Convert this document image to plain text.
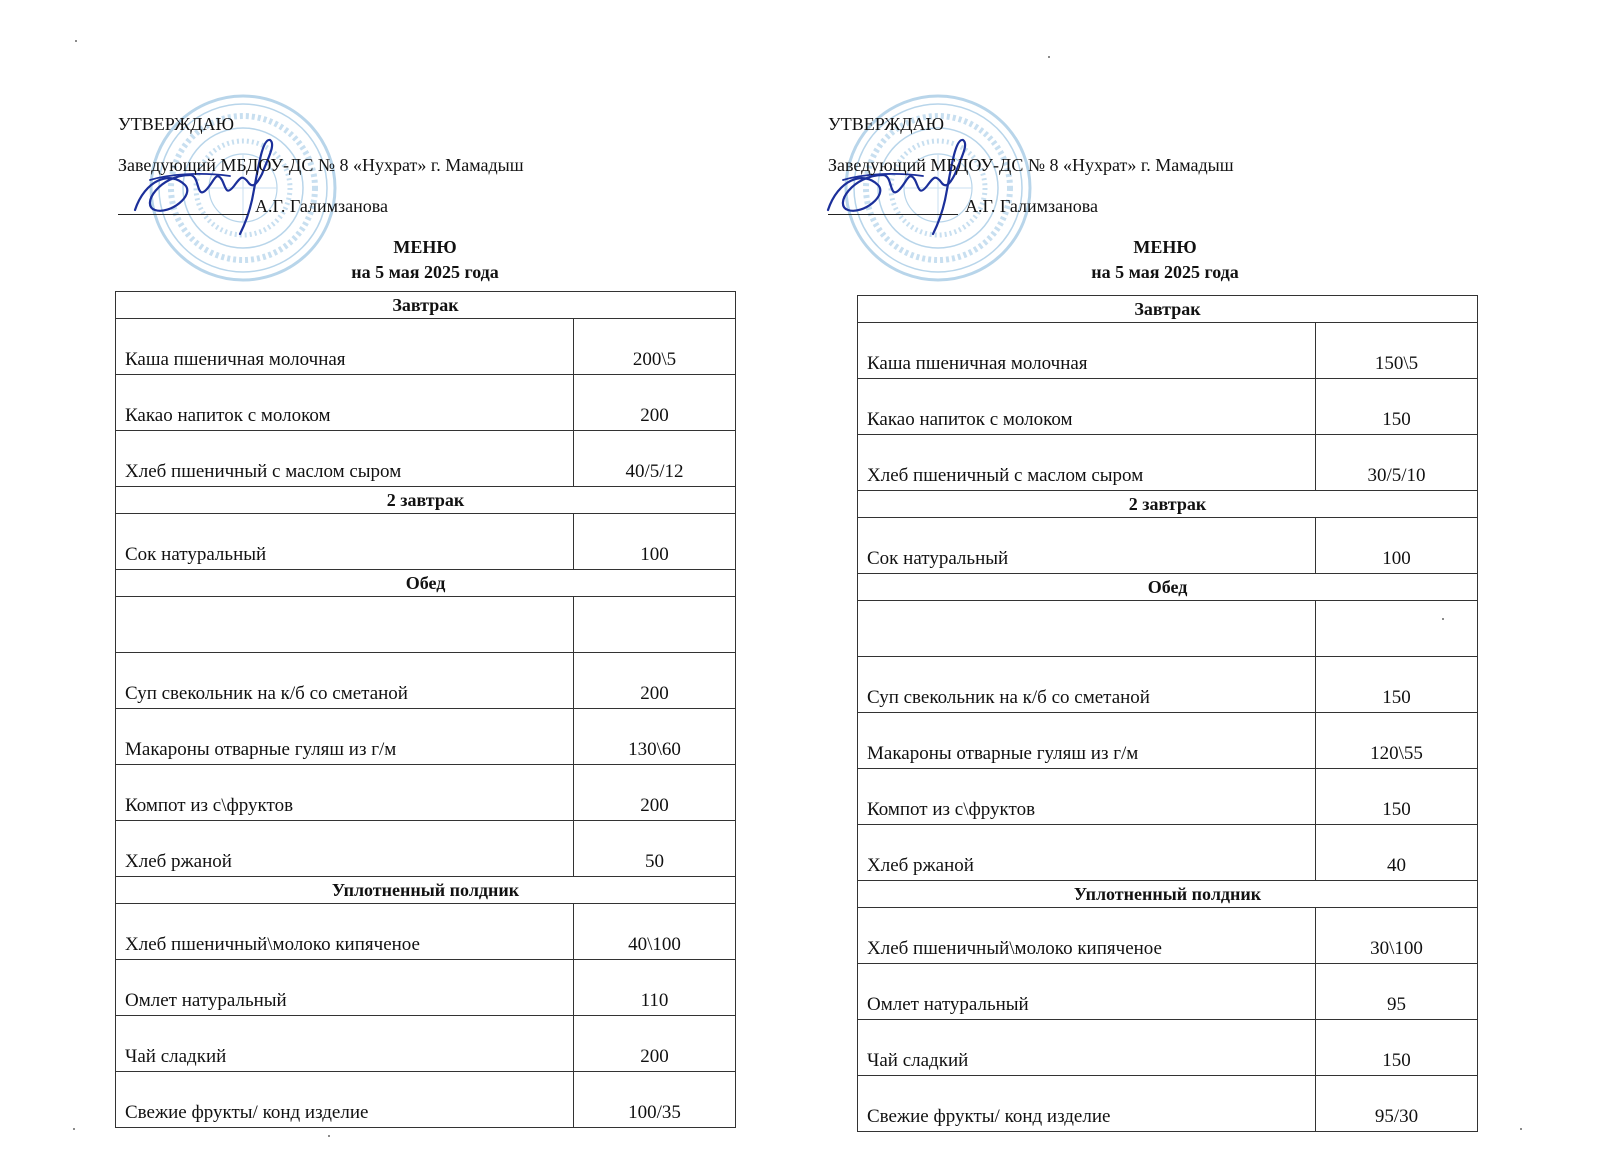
УТВЕРЖДАЮ
Заведующий МБДОУ-ДС № 8 «Нухрат» г. Мамадыш
А.Г. Галимзанова
МЕНЮ
на 5 мая 2025 года
Завтрак	
Каша пшеничная молочная	200\5
Какао напиток с молоком	200
Хлеб пшеничный с маслом сыром	40/5/12
2 завтрак	
Сок натуральный	100
Обед	

Суп свекольник на к/б со сметаной	200
Макароны отварные гуляш из г/м	130\60
Компот из с\фруктов	200
Хлеб ржаной	50
Уплотненный полдник	
Хлеб пшеничный\молоко кипяченое	40\100
Омлет натуральный	110
Чай сладкий	200
Свежие фрукты/ конд изделие	100/35
УТВЕРЖДАЮ
Заведующий МБДОУ-ДС № 8 «Нухрат» г. Мамадыш
А.Г. Галимзанова
МЕНЮ
на 5 мая 2025 года
Завтрак	
Каша пшеничная молочная	150\5
Какао напиток с молоком	150
Хлеб пшеничный с маслом сыром	30/5/10
2 завтрак	
Сок натуральный	100
Обед	

Суп свекольник на к/б со сметаной	150
Макароны отварные гуляш из г/м	120\55
Компот из с\фруктов	150
Хлеб ржаной	40
Уплотненный полдник	
Хлеб пшеничный\молоко кипяченое	30\100
Омлет натуральный	95
Чай сладкий	150
Свежие фрукты/ конд изделие	95/30
